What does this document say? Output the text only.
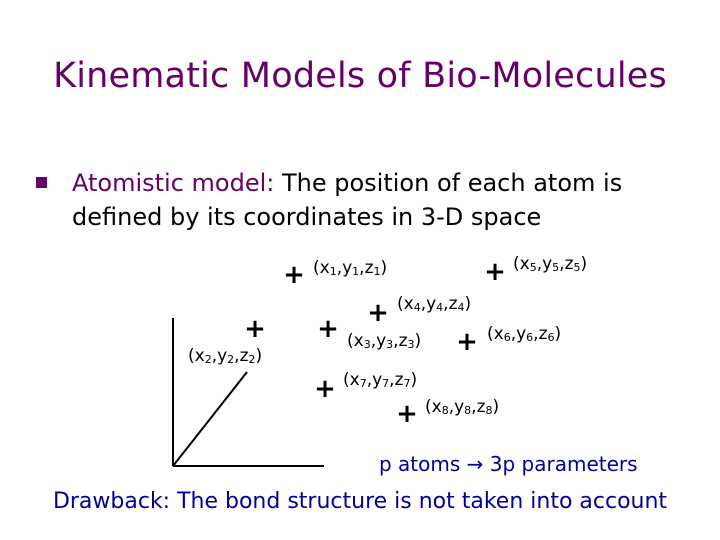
Kinematic Models of Bio-Molecules
Atomistic model: The position of each atom is defined by its coordinates in 3-D space
+ $(x_1,y_1,z_1)$
+
$(x_2,y_2,z_2)$
+ $(x_3,y_3,z_3)$
+ $(x_4,y_4,z_4)$
+ $(x_5,y_5,z_5)$
+ $(x_6,y_6,z_6)$
+ $(x_7,y_7,z_7)$
+ $(x_8,y_8,z_8)$
p atoms → 3p parameters
Drawback: The bond structure is not taken into account
